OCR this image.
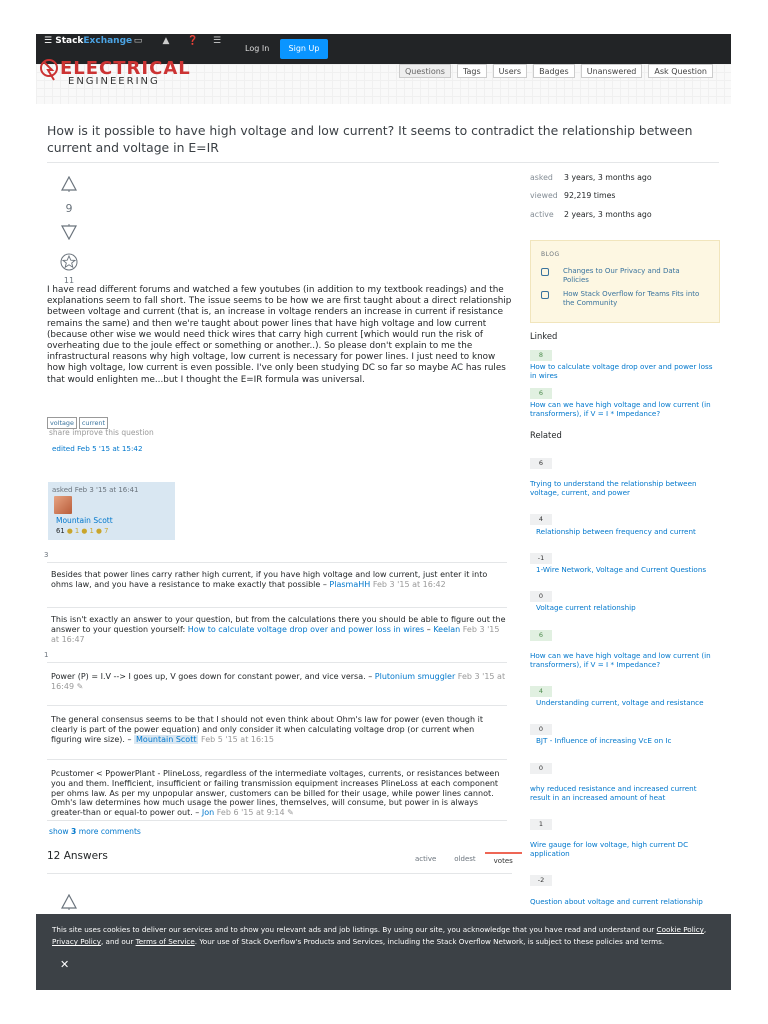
☰ StackExchange ▭ ▲ ❓ ☰
Log In	Sign Up
ELECTRICAL
ENGINEERING
Questions	Tags	Users	Badges	Unanswered	Ask Question
How is it possible to have high voltage and low current? It seems to contradict the relationship between current and voltage in E=IR
9
11
I have read different forums and watched a few youtubes (in addition to my textbook readings) and the explanations seem to fall short. The issue seems to be how we are first taught about a direct relationship between voltage and current (that is, an increase in voltage renders an increase in current if resistance remains the same) and then we're taught about power lines that have high voltage and low current (because other wise we would need thick wires that carry high current [which would run the risk of overheating due to the joule effect or something or another..). So please don't explain to me the infrastructural reasons why high voltage, low current is necessary for power lines. I just need to know how high voltage, low current is even possible. I've only been studying DC so far so maybe AC has rules that would enlighten me...but I thought the E=IR formula was universal.
voltage current
share improve this question
edited Feb 5 '15 at 15:42
asked Feb 3 '15 at 16:41
Mountain Scott
61 ● 1 ● 1 ● 7
3
Besides that power lines carry rather high current, if you have high voltage and low current, just enter it into ohms law, and you have a resistance to make exactly that possible – PlasmaHH Feb 3 '15 at 16:42
This isn't exactly an answer to your question, but from the calculations there you should be able to figure out the answer to your question yourself: How to calculate voltage drop over and power loss in wires – Keelan Feb 3 '15 at 16:47
1
Power (P) = I.V --> I goes up, V goes down for constant power, and vice versa. – Plutonium smuggler Feb 3 '15 at 16:49 ✎
The general consensus seems to be that I should not even think about Ohm's law for power (even though it clearly is part of the power equation) and only consider it when calculating voltage drop (or current when figuring wire size). – Mountain Scott Feb 5 '15 at 16:15
Pcustomer < PpowerPlant - PlineLoss, regardless of the intermediate voltages, currents, or resistances between you and them. Inefficient, insufficient or failing transmission equipment increases PlineLoss at each component per ohms law. As per my unpopular answer, customers can be billed for their usage, while power lines cannot. Omh's law determines how much usage the power lines, themselves, will consume, but power in is always greater-than or equal-to power out. – Jon Feb 6 '15 at 9:14 ✎
show 3 more comments
12 Answers	active	oldest	votes
asked 3 years, 3 months ago
viewed 92,219 times
active 2 years, 3 months ago
BLOG
Changes to Our Privacy and Data Policies
How Stack Overflow for Teams Fits into the Community
Linked
8
How to calculate voltage drop over and power loss in wires
6
How can we have high voltage and low current (in transformers), if V = I * Impedance?
Related
6
Trying to understand the relationship between voltage, current, and power
4
Relationship between frequency and current
-1
1-Wire Network, Voltage and Current Questions
0
Voltage current relationship
6
How can we have high voltage and low current (in transformers), if V = I * Impedance?
4
Understanding current, voltage and resistance
0
BJT - Influence of increasing VᴄE on Iᴄ
0
why reduced resistance and increased current result in an increased amount of heat
1
Wire gauge for low voltage, high current DC application
-2
Question about voltage and current relationship
This site uses cookies to deliver our services and to show you relevant ads and job listings. By using our site, you acknowledge that you have read and understand our Cookie Policy, Privacy Policy, and our Terms of Service. Your use of Stack Overflow's Products and Services, including the Stack Overflow Network, is subject to these policies and terms.
✕
